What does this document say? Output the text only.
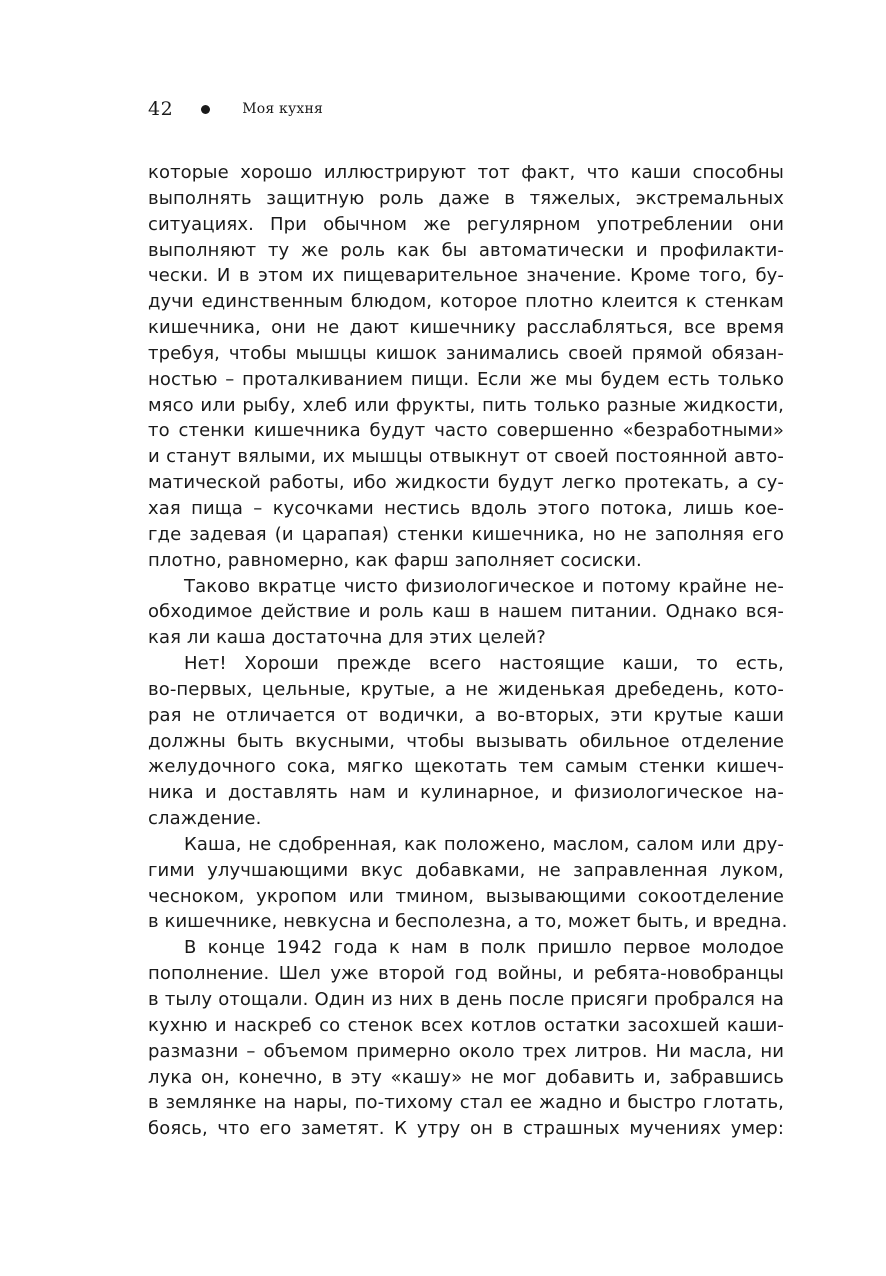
42	Моя кухня
которые хорошо иллюстрируют тот факт, что каши способны
выполнять защитную роль даже в тяжелых, экстремальных
ситуациях. При обычном же регулярном употреблении они
выполняют ту же роль как бы автоматически и профилакти-
чески. И в этом их пищеварительное значение. Кроме того, бу-
дучи единственным блюдом, которое плотно клеится к стенкам
кишечника, они не дают кишечнику расслабляться, все время
требуя, чтобы мышцы кишок занимались своей прямой обязан-
ностью – проталкиванием пищи. Если же мы будем есть только
мясо или рыбу, хлеб или фрукты, пить только разные жидкости,
то стенки кишечника будут часто совершенно «безработными»
и станут вялыми, их мышцы отвыкнут от своей постоянной авто-
матической работы, ибо жидкости будут легко протекать, а су-
хая пища – кусочками нестись вдоль этого потока, лишь кое-
где задевая (и царапая) стенки кишечника, но не заполняя его
плотно, равномерно, как фарш заполняет сосиски.
Таково вкратце чисто физиологическое и потому крайне не-
обходимое действие и роль каш в нашем питании. Однако вся-
кая ли каша достаточна для этих целей?
Нет! Хороши прежде всего настоящие каши, то есть,
во-первых, цельные, крутые, а не жиденькая дребедень, кото-
рая не отличается от водички, а во-вторых, эти крутые каши
должны быть вкусными, чтобы вызывать обильное отделение
желудочного сока, мягко щекотать тем самым стенки кишеч-
ника и доставлять нам и кулинарное, и физиологическое на-
слаждение.
Каша, не сдобренная, как положено, маслом, салом или дру-
гими улучшающими вкус добавками, не заправленная луком,
чесноком, укропом или тмином, вызывающими сокоотделение
в кишечнике, невкусна и бесполезна, а то, может быть, и вредна.
В конце 1942 года к нам в полк пришло первое молодое
пополнение. Шел уже второй год войны, и ребята-новобранцы
в тылу отощали. Один из них в день после присяги пробрался на
кухню и наскреб со стенок всех котлов остатки засохшей каши-
размазни – объемом примерно около трех литров. Ни масла, ни
лука он, конечно, в эту «кашу» не мог добавить и, забравшись
в землянке на нары, по-тихому стал ее жадно и быстро глотать,
боясь, что его заметят. К утру он в страшных мучениях умер:
